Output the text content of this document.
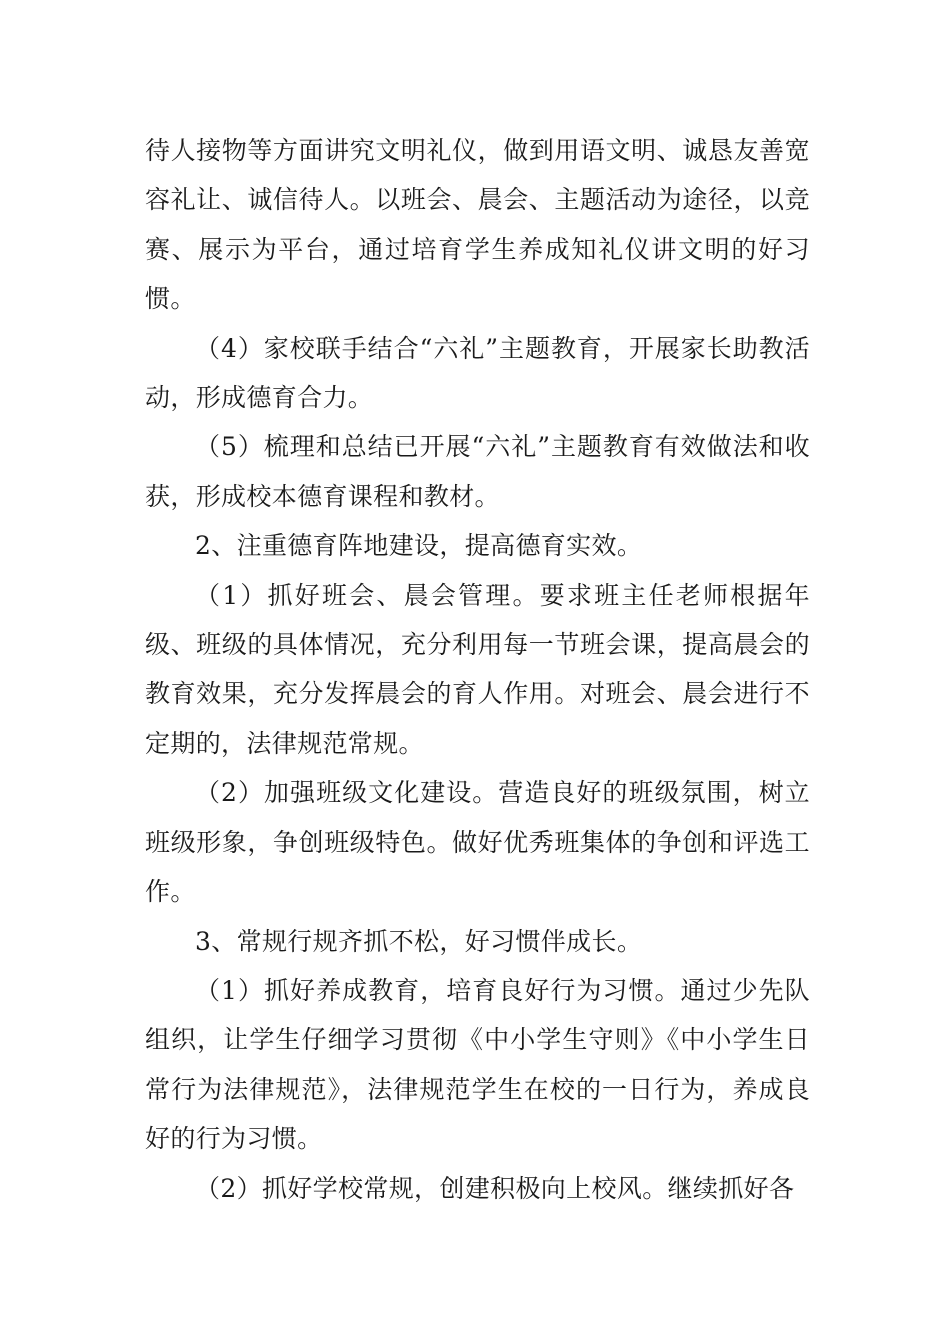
待人接物等方面讲究文明礼仪，做到用语文明、诚恳友善宽容礼让、诚信待人。以班会、晨会、主题活动为途径，以竞赛、展示为平台，通过培育学生养成知礼仪讲文明的好习惯。

（4）家校联手结合“六礼”主题教育，开展家长助教活动，形成德育合力。

（5）梳理和总结已开展“六礼”主题教育有效做法和收获，形成校本德育课程和教材。

2、注重德育阵地建设，提高德育实效。

（1）抓好班会、晨会管理。要求班主任老师根据年级、班级的具体情况，充分利用每一节班会课，提高晨会的教育效果，充分发挥晨会的育人作用。对班会、晨会进行不定期的，法律规范常规。

（2）加强班级文化建设。营造良好的班级氛围，树立班级形象，争创班级特色。做好优秀班集体的争创和评选工作。

3、常规行规齐抓不松，好习惯伴成长。

（1）抓好养成教育，培育良好行为习惯。通过少先队组织，让学生仔细学习贯彻《中小学生守则》《中小学生日常行为法律规范》，法律规范学生在校的一日行为，养成良好的行为习惯。

（2）抓好学校常规，创建积极向上校风。继续抓好各
